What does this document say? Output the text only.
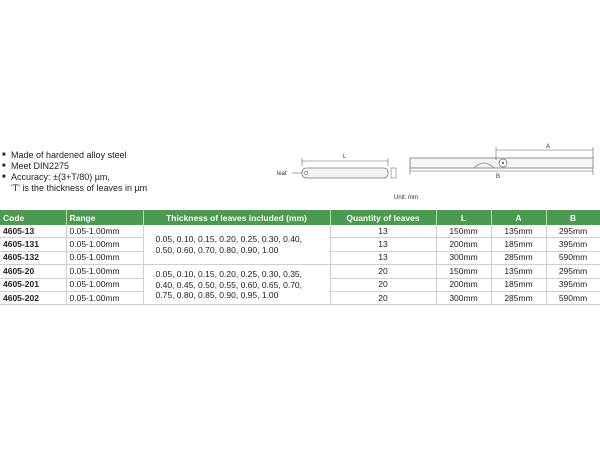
■ Made of hardened alloy steel
■ Meet DIN2275
■ Accuracy: ±(3+T/80) µm,
'T' is the thickness of leaves in µm
leaf
L
A
B
Unit: mm
Code	Range	Thickness of leaves included (mm)	Quantity of leaves	L	A	B
4605-13	0.05-1.00mm	0.05, 0.10, 0.15, 0.20, 0.25, 0.30, 0.40, 0.50, 0.60, 0.70, 0.80, 0.90, 1.00	13	150mm	135mm	295mm
4605-131	0.05-1.00mm		13	200mm	185mm	395mm
4605-132	0.05-1.00mm		13	300mm	285mm	590mm
4605-20	0.05-1.00mm	0.05, 0.10, 0.15, 0.20, 0.25, 0.30, 0.35, 0.40, 0.45, 0.50, 0.55, 0.60, 0.65, 0.70, 0.75, 0.80, 0.85, 0.90, 0.95, 1.00	20	150mm	135mm	295mm
4605-201	0.05-1.00mm		20	200mm	185mm	395mm
4605-202	0.05-1.00mm		20	300mm	285mm	590mm
